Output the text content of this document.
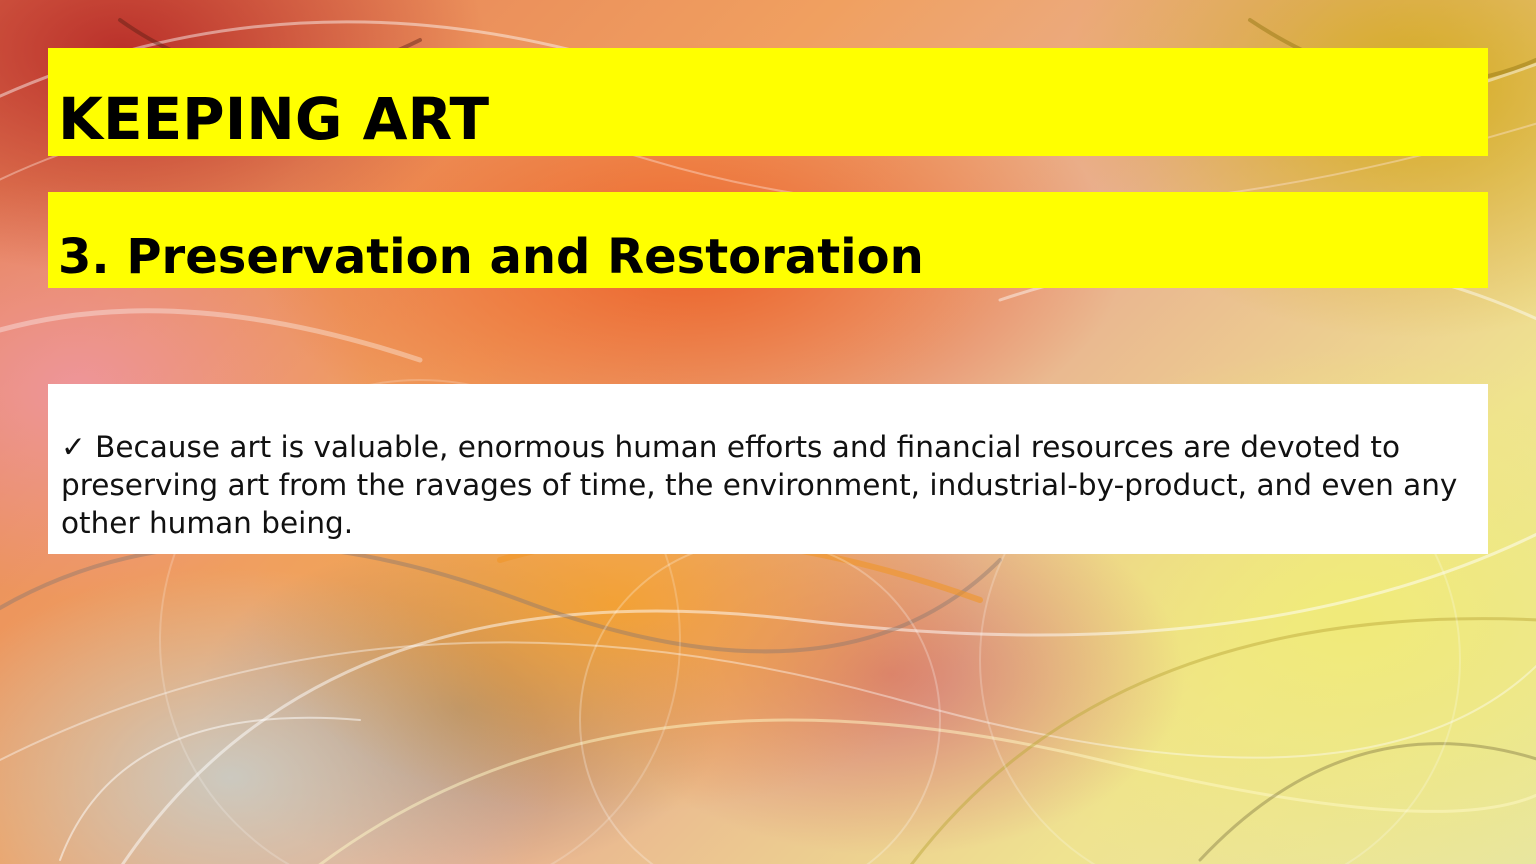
KEEPING ART
3. Preservation and Restoration

✓ Because art is valuable, enormous human efforts and financial resources are devoted to preserving art from the ravages of time, the environment, industrial-by-product, and even any other human being.
